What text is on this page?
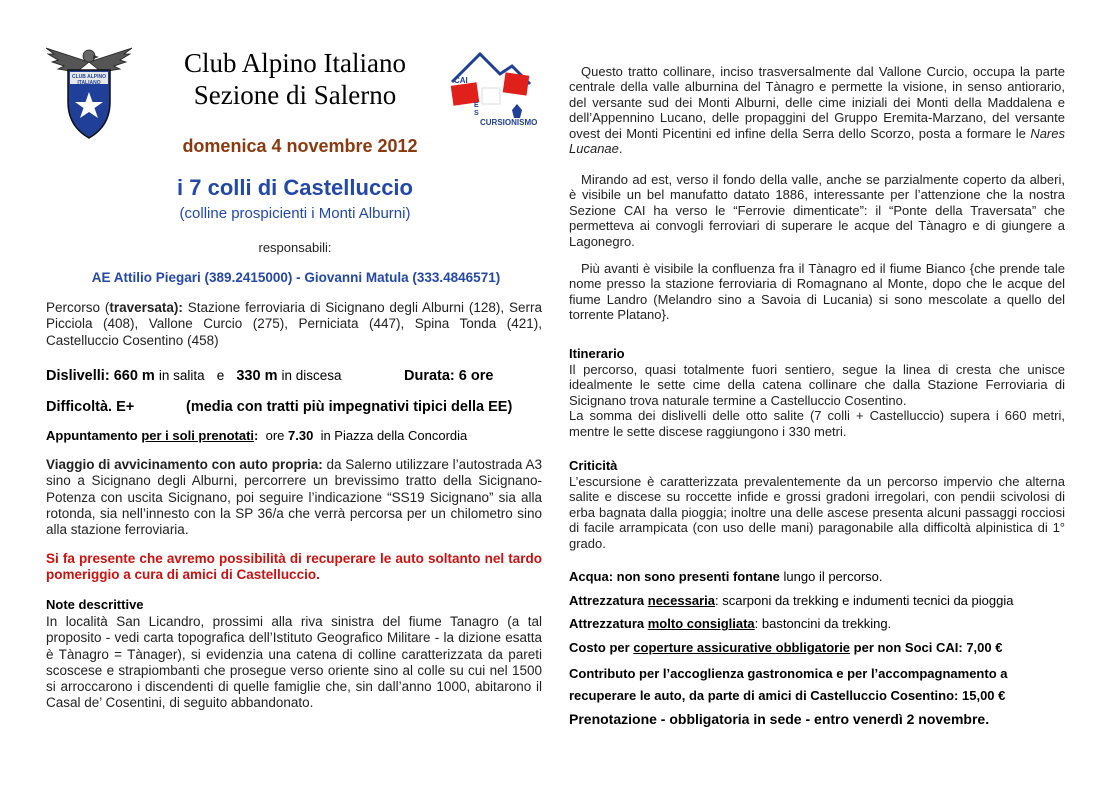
CLUB ALPINO ITALIANO
Club Alpino Italiano
Sezione di Salerno	CAI
ES
CURSIONISMO
domenica 4 novembre 2012
i 7 colli di Castelluccio
(colline prospicienti i Monti Alburni)
responsabili:
AE Attilio Piegari (389.2415000) - Giovanni Matula (333.4846571)
Percorso (traversata): Stazione ferroviaria di Sicignano degli Alburni (128), Serra Picciola (408), Vallone Curcio (275), Perniciata (447), Spina Tonda (421), Castelluccio Cosentino (458)
Dislivelli: 660 m in salita e 330 m in discesa	Durata: 6 ore
Difficoltà. E+	(media con tratti più impegnativi tipici della EE)
Appuntamento per i soli prenotati: ore 7.30 in Piazza della Concordia
Viaggio di avvicinamento con auto propria: da Salerno utilizzare l’autostrada A3 sino a Sicignano degli Alburni, percorrere un brevissimo tratto della Sicignano-Potenza con uscita Sicignano, poi seguire l’indicazione “SS19 Sicignano” sia alla rotonda, sia nell’innesto con la SP 36/a che verrà percorsa per un chilometro sino alla stazione ferroviaria.
Si fa presente che avremo possibilità di recuperare le auto soltanto nel tardo pomeriggio a cura di amici di Castelluccio.
Note descrittive
In località San Licandro, prossimi alla riva sinistra del fiume Tanagro (a tal proposito - vedi carta topografica dell’Istituto Geografico Militare - la dizione esatta è Tànagro = Tànager), si evidenzia una catena di colline caratterizzata da pareti scoscese e strapiombanti che prosegue verso oriente sino al colle su cui nel 1500 si arroccarono i discendenti di quelle famiglie che, sin dall’anno 1000, abitarono il Casal de’ Cosentini, di seguito abbandonato.
Questo tratto collinare, inciso trasversalmente dal Vallone Curcio, occupa la parte centrale della valle alburnina del Tànagro e permette la visione, in senso antiorario, del versante sud dei Monti Alburni, delle cime iniziali dei Monti della Maddalena e dell’Appennino Lucano, delle propaggini del Gruppo Eremita-Marzano, del versante ovest dei Monti Picentini ed infine della Serra dello Scorzo, posta a formare le Nares Lucanae.
Mirando ad est, verso il fondo della valle, anche se parzialmente coperto da alberi, è visibile un bel manufatto datato 1886, interessante per l’attenzione che la nostra Sezione CAI ha verso le “Ferrovie dimenticate”: il “Ponte della Traversata” che permetteva ai convogli ferroviari di superare le acque del Tànagro e di giungere a Lagonegro.
Più avanti è visibile la confluenza fra il Tànagro ed il fiume Bianco {che prende tale nome presso la stazione ferroviaria di Romagnano al Monte, dopo che le acque del fiume Landro (Melandro sino a Savoia di Lucania) si sono mescolate a quello del torrente Platano}.
Itinerario
Il percorso, quasi totalmente fuori sentiero, segue la linea di cresta che unisce idealmente le sette cime della catena collinare che dalla Stazione Ferroviaria di Sicignano trova naturale termine a Castelluccio Cosentino.
La somma dei dislivelli delle otto salite (7 colli + Castelluccio) supera i 660 metri, mentre le sette discese raggiungono i 330 metri.
Criticità
L’escursione è caratterizzata prevalentemente da un percorso impervio che alterna salite e discese su roccette infide e grossi gradoni irregolari, con pendii scivolosi di erba bagnata dalla pioggia; inoltre una delle ascese presenta alcuni passaggi rocciosi di facile arrampicata (con uso delle mani) paragonabile alla difficoltà alpinistica di 1° grado.
Acqua: non sono presenti fontane lungo il percorso.
Attrezzatura necessaria: scarponi da trekking e indumenti tecnici da pioggia
Attrezzatura molto consigliata: bastoncini da trekking.
Costo per coperture assicurative obbligatorie per non Soci CAI: 7,00 €
Contributo per l’accoglienza gastronomica e per l’accompagnamento a
recuperare le auto, da parte di amici di Castelluccio Cosentino: 15,00 €
Prenotazione - obbligatoria in sede - entro venerdì 2 novembre.
